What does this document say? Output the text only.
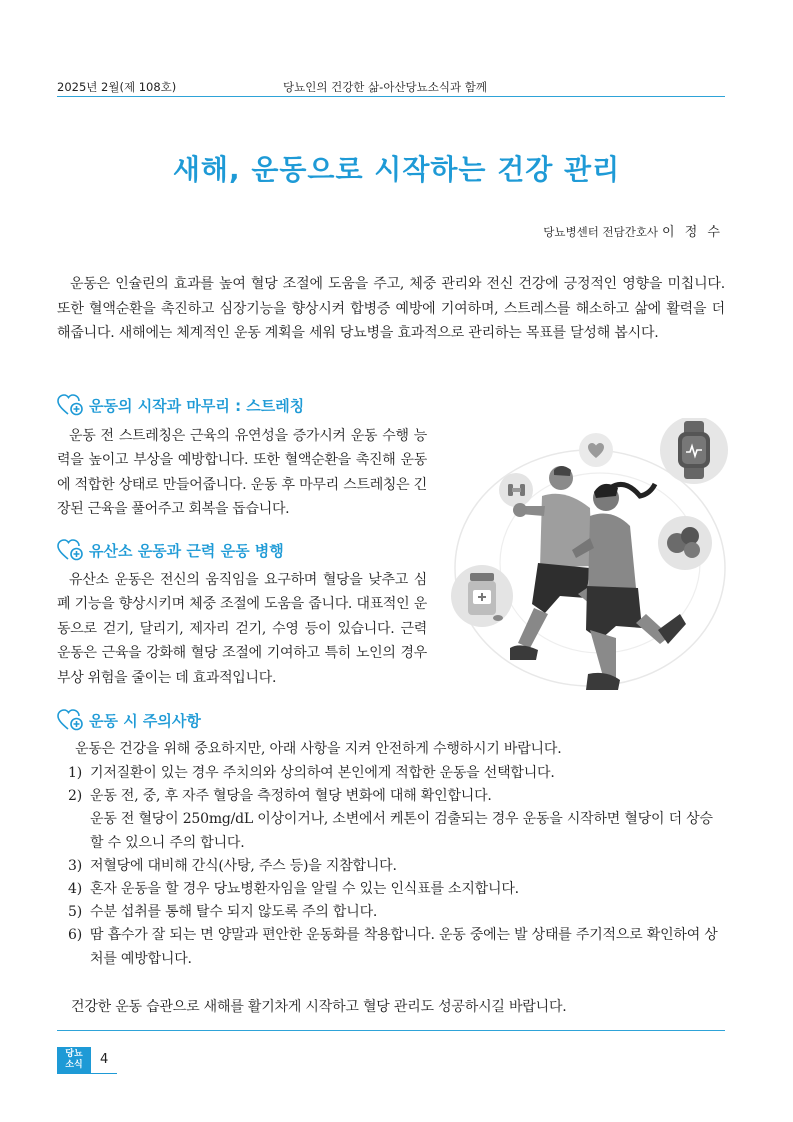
2025년 2월(제 108호)	당뇨인의 건강한 삶-아산당뇨소식과 함께
새해, 운동으로 시작하는 건강 관리
당뇨병센터 전담간호사 이 정 수

운동은 인슐린의 효과를 높여 혈당 조절에 도움을 주고, 체중 관리와 전신 건강에 긍정적인 영향을 미칩니다. 또한 혈액순환을 촉진하고 심장기능을 향상시켜 합병증 예방에 기여하며, 스트레스를 해소하고 삶에 활력을 더해줍니다. 새해에는 체계적인 운동 계획을 세워 당뇨병을 효과적으로 관리하는 목표를 달성해 봅시다.

운동의 시작과 마무리 : 스트레칭

운동 전 스트레칭은 근육의 유연성을 증가시켜 운동 수행 능력을 높이고 부상을 예방합니다. 또한 혈액순환을 촉진해 운동에 적합한 상태로 만들어줍니다. 운동 후 마무리 스트레칭은 긴장된 근육을 풀어주고 회복을 돕습니다.

유산소 운동과 근력 운동 병행

유산소 운동은 전신의 움직임을 요구하며 혈당을 낮추고 심폐 기능을 향상시키며 체중 조절에 도움을 줍니다. 대표적인 운동으로 걷기, 달리기, 제자리 걷기, 수영 등이 있습니다. 근력 운동은 근육을 강화해 혈당 조절에 기여하고 특히 노인의 경우 부상 위험을 줄이는 데 효과적입니다.

운동 시 주의사항

운동은 건강을 위해 중요하지만, 아래 사항을 지켜 안전하게 수행하시기 바랍니다.

1) 기저질환이 있는 경우 주치의와 상의하여 본인에게 적합한 운동을 선택합니다.
2) 운동 전, 중, 후 자주 혈당을 측정하여 혈당 변화에 대해 확인합니다.
운동 전 혈당이 250mg/dL 이상이거나, 소변에서 케톤이 검출되는 경우 운동을 시작하면 혈당이 더 상승할 수 있으니 주의 합니다.
3) 저혈당에 대비해 간식(사탕, 주스 등)을 지참합니다.
4) 혼자 운동을 할 경우 당뇨병환자임을 알릴 수 있는 인식표를 소지합니다.
5) 수분 섭취를 통해 탈수 되지 않도록 주의 합니다.
6) 땀 흡수가 잘 되는 면 양말과 편안한 운동화를 착용합니다. 운동 중에는 발 상태를 주기적으로 확인하여 상처를 예방합니다.

건강한 운동 습관으로 새해를 활기차게 시작하고 혈당 관리도 성공하시길 바랍니다.

당뇨
소식	4
